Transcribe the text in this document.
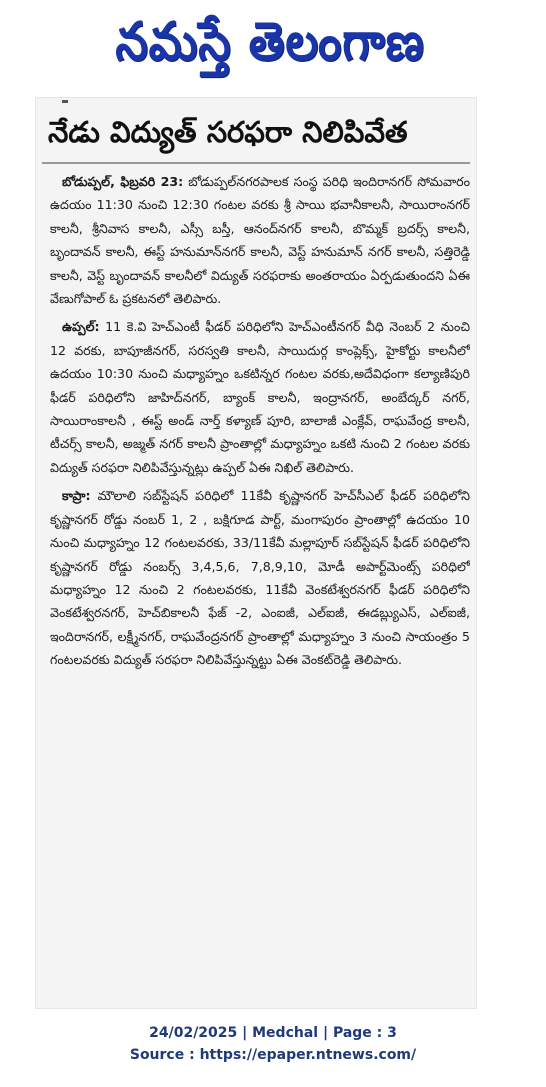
నమస్తే తెలంగాణ
నేడు విద్యుత్ సరఫరా నిలిపివేత

బోడుప్పల్, ఫిబ్రవరి 23: బోడుప్పల్‌నగరపాలక సంస్థ పరిధి ఇందిరానగర్ సోమవారం ఉదయం 11:30 నుంచి 12:30 గంటల వరకు శ్రీ సాయి భవానీకాలనీ, సాయిరాంనగర్ కాలనీ, శ్రీనివాస కాలనీ, ఎస్సీ బస్తీ, ఆనంద్‌నగర్ కాలనీ, బొమ్మక్ బ్రదర్స్ కాలనీ, బృందావన్ కాలనీ, ఈస్ట్ హనుమాన్‌నగర్ కాలనీ, వెస్ట్ హనుమాన్ నగర్ కాలనీ, సత్తిరెడ్డి కాలనీ, వెస్ట్ బృందావన్ కాలనీలో విద్యుత్ సరఫరాకు అంతరాయం ఏర్పడుతుందని ఏఈ వేణుగోపాల్ ఓ ప్రకటనలో తెలిపారు.

ఉప్పల్: 11 కె.వి హెచ్ఎంటీ ఫీడర్ పరిధిలోని హెచ్ఎంటీనగర్ వీధి నెంబర్ 2 నుంచి 12 వరకు, బాపూజీనగర్, సరస్వతి కాలనీ, సాయిదుర్గ కాంప్లెక్స్, హైకోర్టు కాలనీలో ఉదయం 10:30 నుంచి మధ్యాహ్నం ఒకటిన్నర గంటల వరకు,అదేవిధంగా కల్యాణిపురి ఫీడర్ పరిధిలోని జాహిద్‌నగర్, బ్యాంక్ కాలనీ, ఇంద్రానగర్, అంబేద్కర్ నగర్, సాయిరాంకాలనీ , ఈస్ట్ అండ్ నార్త్ కళ్యాణ్ పూరి, బాలాజీ ఎంక్లేవ్, రాఘవేంద్ర కాలనీ, టీచర్స్ కాలనీ, అజ్మత్ నగర్ కాలనీ ప్రాంతాల్లో మధ్యాహ్నం ఒకటి నుంచి 2 గంటల వరకు విద్యుత్ సరఫరా నిలిపివేస్తున్నట్లు ఉప్పల్ ఏఈ నిఖిల్ తెలిపారు.

కాప్రా: మౌలాలి సబ్‌స్టేషన్ పరిధిలో 11కేవీ కృష్ణానగర్ హెచ్‌సీఎల్ ఫీడర్ పరిధిలోని కృష్ణానగర్ రోడ్డు నంబర్ 1, 2 , బక్షిగూడ పార్ట్, మంగాపురం ప్రాంతాల్లో ఉదయం 10 నుంచి మధ్యాహ్నం 12 గంటలవరకు, 33/11కేవీ మల్లాపూర్ సబ్‌స్టేషన్ ఫీడర్ పరిధిలోని కృష్ణానగర్ రోడ్డు నంబర్స్ 3,4,5,6, 7,8,9,10, మోడీ అపార్ట్‌మెంట్స్ పరిధిలో మధ్యాహ్నం 12 నుంచి 2 గంటలవరకు, 11కేవీ వెంకటేశ్వరనగర్ ఫీడర్ పరిధిలోని వెంకటేశ్వరనగర్, హెచ్‌బికాలనీ ఫేజ్ -2, ఎంఐజీ, ఎల్ఐజీ, ఈడబ్ల్యుఎస్, ఎల్ఐజీ, ఇందిరానగర్, లక్ష్మీనగర్, రాఘవేంద్రనగర్ ప్రాంతాల్లో మధ్యాహ్నం 3 నుంచి సాయంత్రం 5 గంటలవరకు విద్యుత్ సరఫరా నిలిపివేస్తున్నట్టు ఏఈ వెంకట్‌రెడ్డి తెలిపారు.

24/02/2025 | Medchal | Page : 3
Source : https://epaper.ntnews.com/
